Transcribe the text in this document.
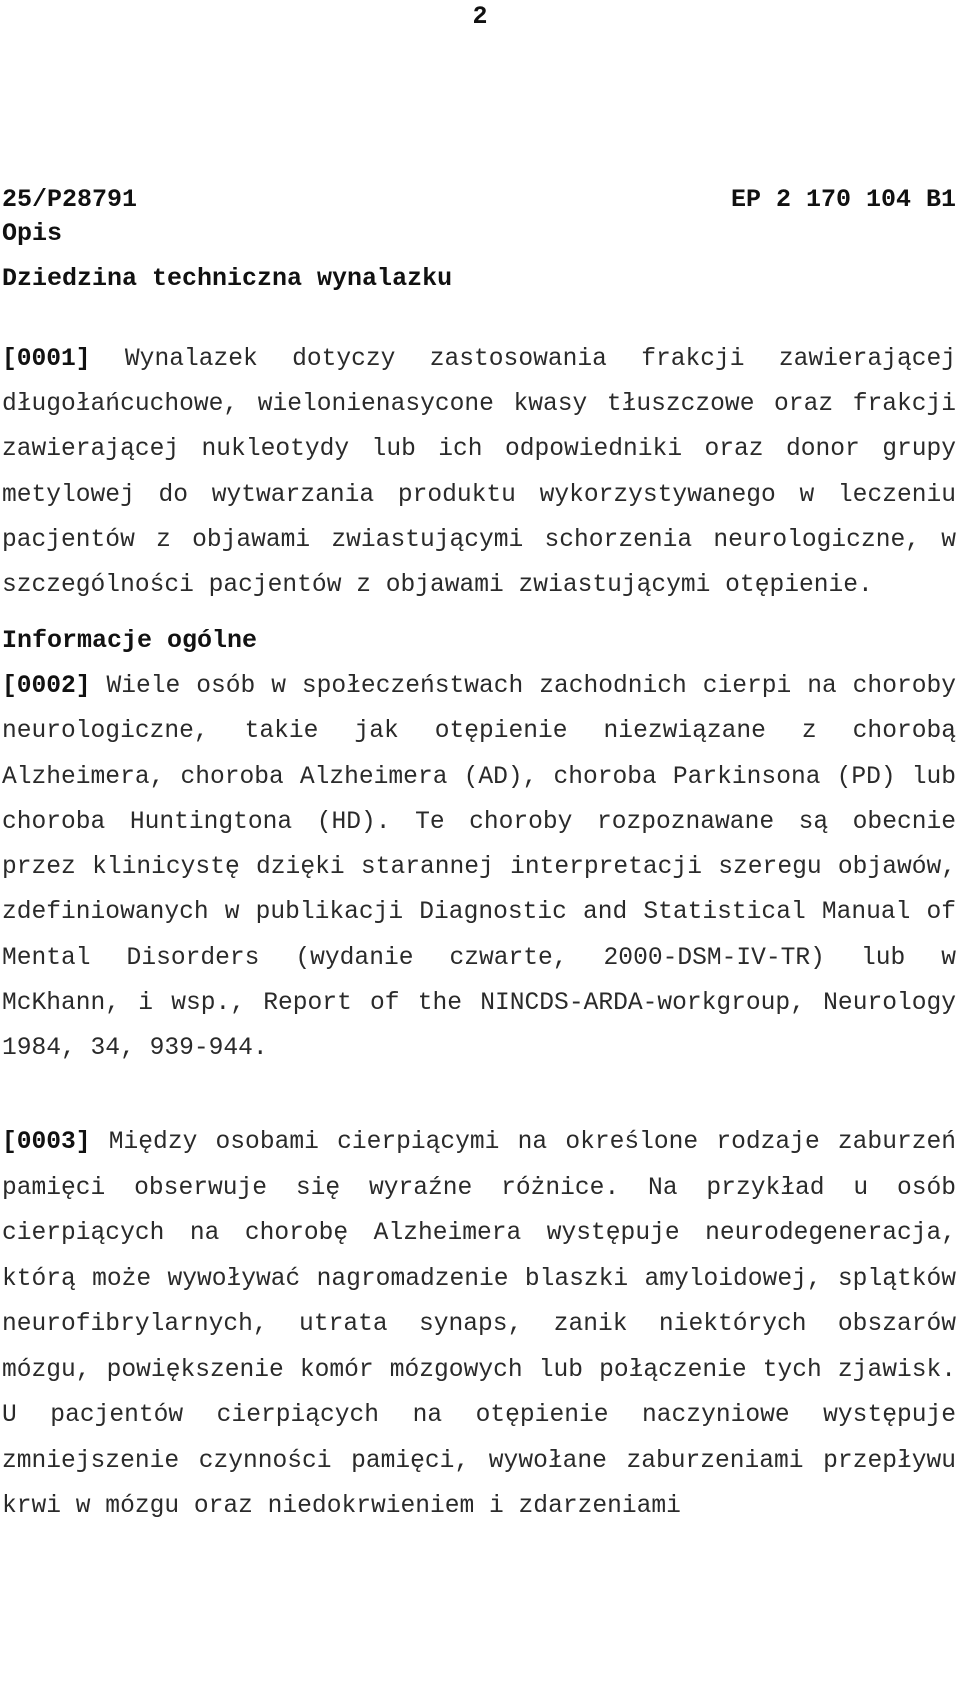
2
25/P28791	EP 2 170 104 B1
Opis
Dziedzina techniczna wynalazku

[0001] Wynalazek dotyczy zastosowania frakcji zawierającej długołańcuchowe, wielonienasycone kwasy tłuszczowe oraz frakcji zawierającej nukleotydy lub ich odpowiedniki oraz donor grupy metylowej do wytwarzania produktu wykorzystywanego w leczeniu pacjentów z objawami zwiastującymi schorzenia neurologiczne, w szczególności pacjentów z objawami zwiastującymi otępienie.

Informacje ogólne

[0002] Wiele osób w społeczeństwach zachodnich cierpi na choroby neurologiczne, takie jak otępienie niezwiązane z chorobą Alzheimera, choroba Alzheimera (AD), choroba Parkinsona (PD) lub choroba Huntingtona (HD). Te choroby rozpoznawane są obecnie przez klinicystę dzięki starannej interpretacji szeregu objawów, zdefiniowanych w publikacji Diagnostic and Statistical Manual of Mental Disorders (wydanie czwarte, 2000-DSM-IV-TR) lub w McKhann, i wsp., Report of the NINCDS-ARDA-workgroup, Neurology 1984, 34, 939-944.

[0003] Między osobami cierpiącymi na określone rodzaje zaburzeń pamięci obserwuje się wyraźne różnice. Na przykład u osób cierpiących na chorobę Alzheimera występuje neurodegeneracja, którą może wywoływać nagromadzenie blaszki amyloidowej, splątków neurofibrylarnych, utrata synaps, zanik niektórych obszarów mózgu, powiększenie komór mózgowych lub połączenie tych zjawisk. U pacjentów cierpiących na otępienie naczyniowe występuje zmniejszenie czynności pamięci, wywołane zaburzeniami przepływu krwi w mózgu oraz niedokrwieniem i zdarzeniami
